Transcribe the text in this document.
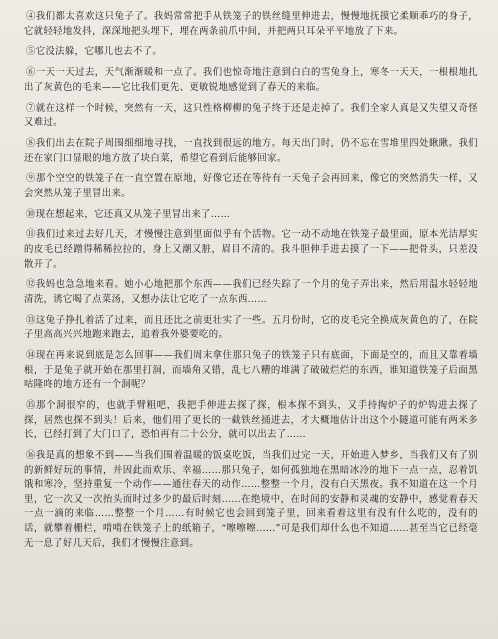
④我们都太喜欢这只兔子了。我妈常常把手从铁笼子的铁丝缝里伸进去，慢慢地抚摸它柔顺乖巧的身子，它就轻轻地发抖，深深地把头埋下，埋在两条前爪中间，并把两只耳朵平平地放了下来。

⑤它没法躲，它哪儿也去不了。

⑥一天一天过去，天气渐渐暖和一点了。我们也惊奇地注意到白白的雪兔身上，寒冬一天天，一根根地扎出了灰黄色的毛来——它比我们更先、更敏锐地感觉到了春天的来临。

⑦就在这样一个时候，突然有一天，这只性格柳柳的兔子终于还是走掉了。我们全家人真是又失望又奇怪又难过。

⑧我们出去在院子周围细细地寻找，一直找到很远的地方。每天出门时，仍不忘在雪堆里四处瞅瞅。我们还在家门口显眼的地方放了块白菜，希望它看到后能够回家。

⑨那个空空的铁笼子在一直空置在原地，好像它还在等待有一天兔子会再回来，像它的突然消失一样，又会突然从笼子里冒出来。

⑩现在想起来，它还真又从笼子里冒出来了……

⑪我们过来过去好几天，才慢慢注意到里面似乎有个活物。它一动不动地在铁笼子最里面，原本光洁厚实的皮毛已经蹭得稀稀拉拉的，身上又潮又脏，眉目不清的。我斗胆伸手进去摸了一下——把骨头，只差没散开了。

⑫我妈也急急地来看。她小心地把那个东西——我们已经失踪了一个月的兔子弄出来，然后用温水轻轻地清洗，诱它喝了点菜汤，又想办法让它吃了一点东西……

⑬这兔子挣扎着活了过来，而且还比之前更壮实了一些。五月份时，它的皮毛完全换成灰黄色的了，在院子里高高兴兴地跑来跑去，追着我外婆要吃的。

⑭现在再来说到底是怎么回事——我们周末拿住那只兔子的铁笼子只有底面，下面是空的，而且又靠着墙根，于是兔子就开始在那里打洞，而墙角又错，乱七八糟的堆满了破破烂烂的东西，谁知道铁笼子后面黑咕隆咚的地方还有一个洞呢？

⑮那个洞很窄的，也就手臂粗吧，我把手伸进去探了探，根本探不到头，又手持掏炉子的炉钩进去探了探，居然也探不到头！后来，他们用了更长的一截铁丝捅进去，才大概地估计出这个小隧道可能有两米多长，已经打到了大门口了，恐怕再有二十公分，就可以出去了……

⑯我是真的想象不到——当我们围着温暖的饭桌吃饭，当我们过完一天，开始进入梦乡，当我们又有了别的新鲜好玩的事情，并因此而欢乐、幸福……那只兔子，如何孤独地在黑暗冰冷的地下一点一点，忍着饥饿和寒冷，坚持重复一个动作——通往春天的动作……整整一个月，没有白天黑夜。我不知道在这一个月里，它一次又一次抬头而时过多少的最后时刻……在绝境中，在时间的安静和灵魂的安静中，感觉着春天一点一滴的来临……整整一个月……有时候它也会回到笼子里，回来看着这里有没有什么吃的，没有的话，就攀着栅栏，啃啃在铁笼子上的纸箱子，“嚓嚓嚓……”可是我们却什么也不知道……甚至当它已经毫无一息了好几天后，我们才慢慢注意到。
